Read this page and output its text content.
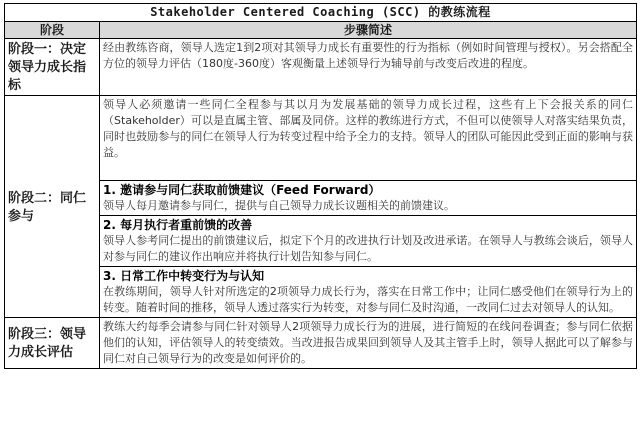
Stakeholder Centered Coaching (SCC) 的教练流程	
阶段	步骤简述
阶段一：决定领导力成长指标	经由教练咨商，领导人选定1到2项对其领导力成长有重要性的行为指标（例如时间管理与授权）。另会搭配全方位的领导力评估（180度-360度）客观衡量上述领导行为辅导前与改变后改进的程度。
阶段二：同仁参与	领导人必须邀请一些同仁全程参与其以月为发展基础的领导力成长过程，这些有上下会报关系的同仁（Stakeholder）可以是直属主管、部属及同侪。这样的教练进行方式，不但可以使领导人对落实结果负责，同时也鼓励参与的同仁在领导人行为转变过程中给予全力的支持。领导人的团队可能因此受到正面的影响与获益。
	1. 邀请参与同仁获取前馈建议（Feed Forward）
	领导人每月邀请参与同仁，提供与自己领导力成长议题相关的前馈建议。
	2. 每月执行者重前馈的改善
	领导人参考同仁提出的前馈建议后，拟定下个月的改进执行计划及改进承诺。在领导人与教练会谈后，领导人对参与同仁的建议作出响应并将执行计划告知参与同仁。
	3. 日常工作中转变行为与认知
	在教练期间，领导人针对所选定的2项领导力成长行为，落实在日常工作中；让同仁感受他们在领导行为上的转变。随着时间的推移，领导人透过落实行为转变，对参与同仁及时沟通，一改同仁过去对领导人的认知。
阶段三：领导力成长评估	教练大约每季会请参与同仁针对领导人2项领导力成长行为的进展，进行简短的在线问卷调查；参与同仁依据他们的认知，评估领导人的转变绩效。当改进报告成果回到领导人及其主管手上时，领导人据此可以了解参与同仁对自己领导行为的改变是如何评价的。
